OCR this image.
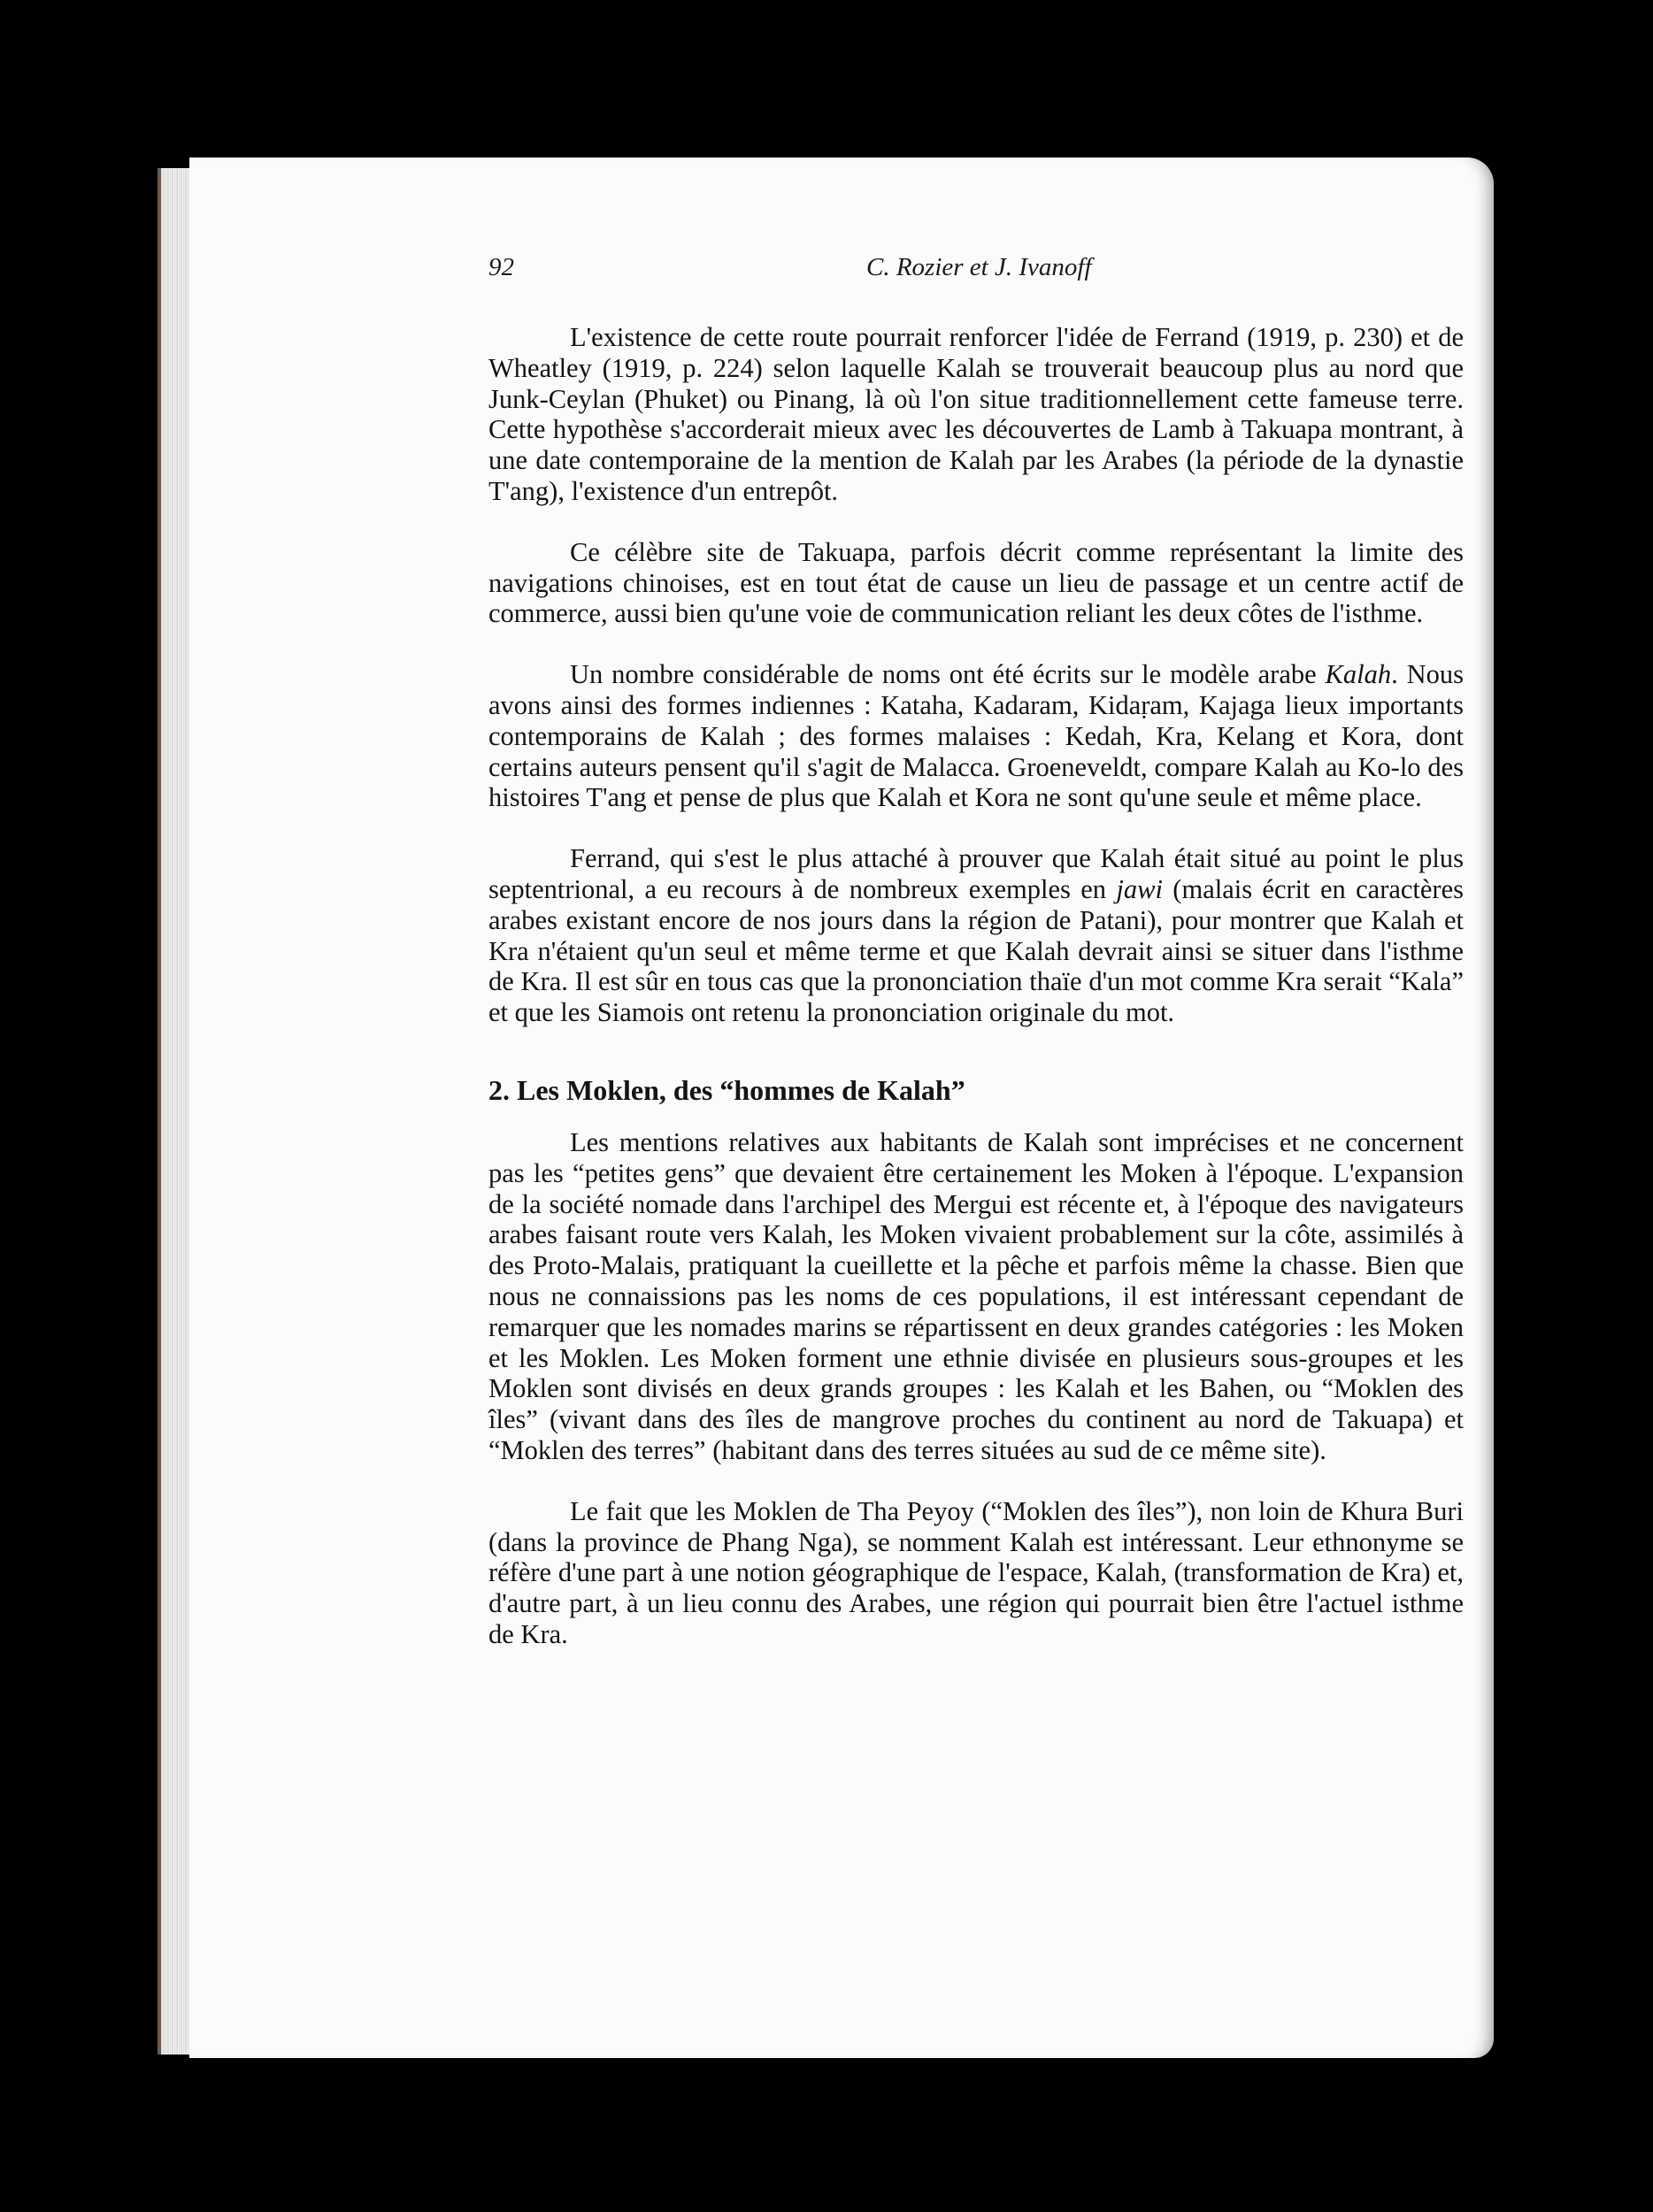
92	C. Rozier et J. Ivanoff

L'existence de cette route pourrait renforcer l'idée de Ferrand (1919, p. 230) et de Wheatley (1919, p. 224) selon laquelle Kalah se trouverait beaucoup plus au nord que Junk-Ceylan (Phuket) ou Pinang, là où l'on situe traditionnellement cette fameuse terre. Cette hypothèse s'accorderait mieux avec les découvertes de Lamb à Takuapa montrant, à une date contemporaine de la mention de Kalah par les Arabes (la période de la dynastie T'ang), l'existence d'un entrepôt.

Ce célèbre site de Takuapa, parfois décrit comme représentant la limite des navigations chinoises, est en tout état de cause un lieu de passage et un centre actif de commerce, aussi bien qu'une voie de communication reliant les deux côtes de l'isthme.

Un nombre considérable de noms ont été écrits sur le modèle arabe Kalah. Nous avons ainsi des formes indiennes : Kataha, Kadaram, Kidaṛam, Kajaga lieux importants contemporains de Kalah ; des formes malaises : Kedah, Kra, Kelang et Kora, dont certains auteurs pensent qu'il s'agit de Malacca. Groeneveldt, compare Kalah au Ko-lo des histoires T'ang et pense de plus que Kalah et Kora ne sont qu'une seule et même place.

Ferrand, qui s'est le plus attaché à prouver que Kalah était situé au point le plus septentrional, a eu recours à de nombreux exemples en jawi (malais écrit en caractères arabes existant encore de nos jours dans la région de Patani), pour montrer que Kalah et Kra n'étaient qu'un seul et même terme et que Kalah devrait ainsi se situer dans l'isthme de Kra. Il est sûr en tous cas que la prononciation thaïe d'un mot comme Kra serait “Kala” et que les Siamois ont retenu la prononciation originale du mot.

2. Les Moklen, des “hommes de Kalah”

Les mentions relatives aux habitants de Kalah sont imprécises et ne concernent pas les “petites gens” que devaient être certainement les Moken à l'époque. L'expansion de la société nomade dans l'archipel des Mergui est récente et, à l'époque des navigateurs arabes faisant route vers Kalah, les Moken vivaient probablement sur la côte, assimilés à des Proto-Malais, pratiquant la cueillette et la pêche et parfois même la chasse. Bien que nous ne connaissions pas les noms de ces populations, il est intéressant cependant de remarquer que les nomades marins se répartissent en deux grandes catégories : les Moken et les Moklen. Les Moken forment une ethnie divisée en plusieurs sous-groupes et les Moklen sont divisés en deux grands groupes : les Kalah et les Bahen, ou “Moklen des îles” (vivant dans des îles de mangrove proches du continent au nord de Takuapa) et “Moklen des terres” (habitant dans des terres situées au sud de ce même site).

Le fait que les Moklen de Tha Peyoy (“Moklen des îles”), non loin de Khura Buri (dans la province de Phang Nga), se nomment Kalah est intéressant. Leur ethnonyme se réfère d'une part à une notion géographique de l'espace, Kalah, (transformation de Kra) et, d'autre part, à un lieu connu des Arabes, une région qui pourrait bien être l'actuel isthme de Kra.
